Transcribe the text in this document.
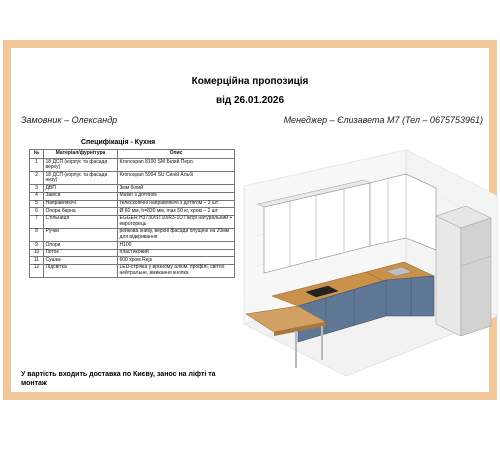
Комерційна пропозиція
від 26.01.2026
Замовник – Олександр	Менеджер – Єлизавета М7 (Тел – 0675753961)
Специфікація - Кухня
№	Матеріал/фурнітура	Опис
1	18 ДСП (корпус та фасади верху)	Kronospan 8100 SM Білий Перл.
2	18 ДСП (корпус та фасади низу)	Kronospan 5994 SU Синій Альбі
3	ДВП	3мм білий
4	Завіси	Muller з дотягом
5	Направляючі	телескопічні направляючі з дотягом – 3 шт
6	Опора барна	Ø 60 мм, h=820 мм, max 50 кг, хром – 2 шт
7	Стільниця	EGGER H3730/ST10/R3-1U Гікорі натуральний + евроторець
8	Ручки	рейкова знизу, верхні фасади опущені на 20мм для відкривання
9	Опори	Н100
10	Лоток	пластиковий
11	Сушка	600 хром Rejs
12	Підсвітка	LED-стрічка у врізному алюм. профілі, світло нейтральне, вмикання кнопка
У вартість входить доставка по Києву, занос на ліфті та монтаж
